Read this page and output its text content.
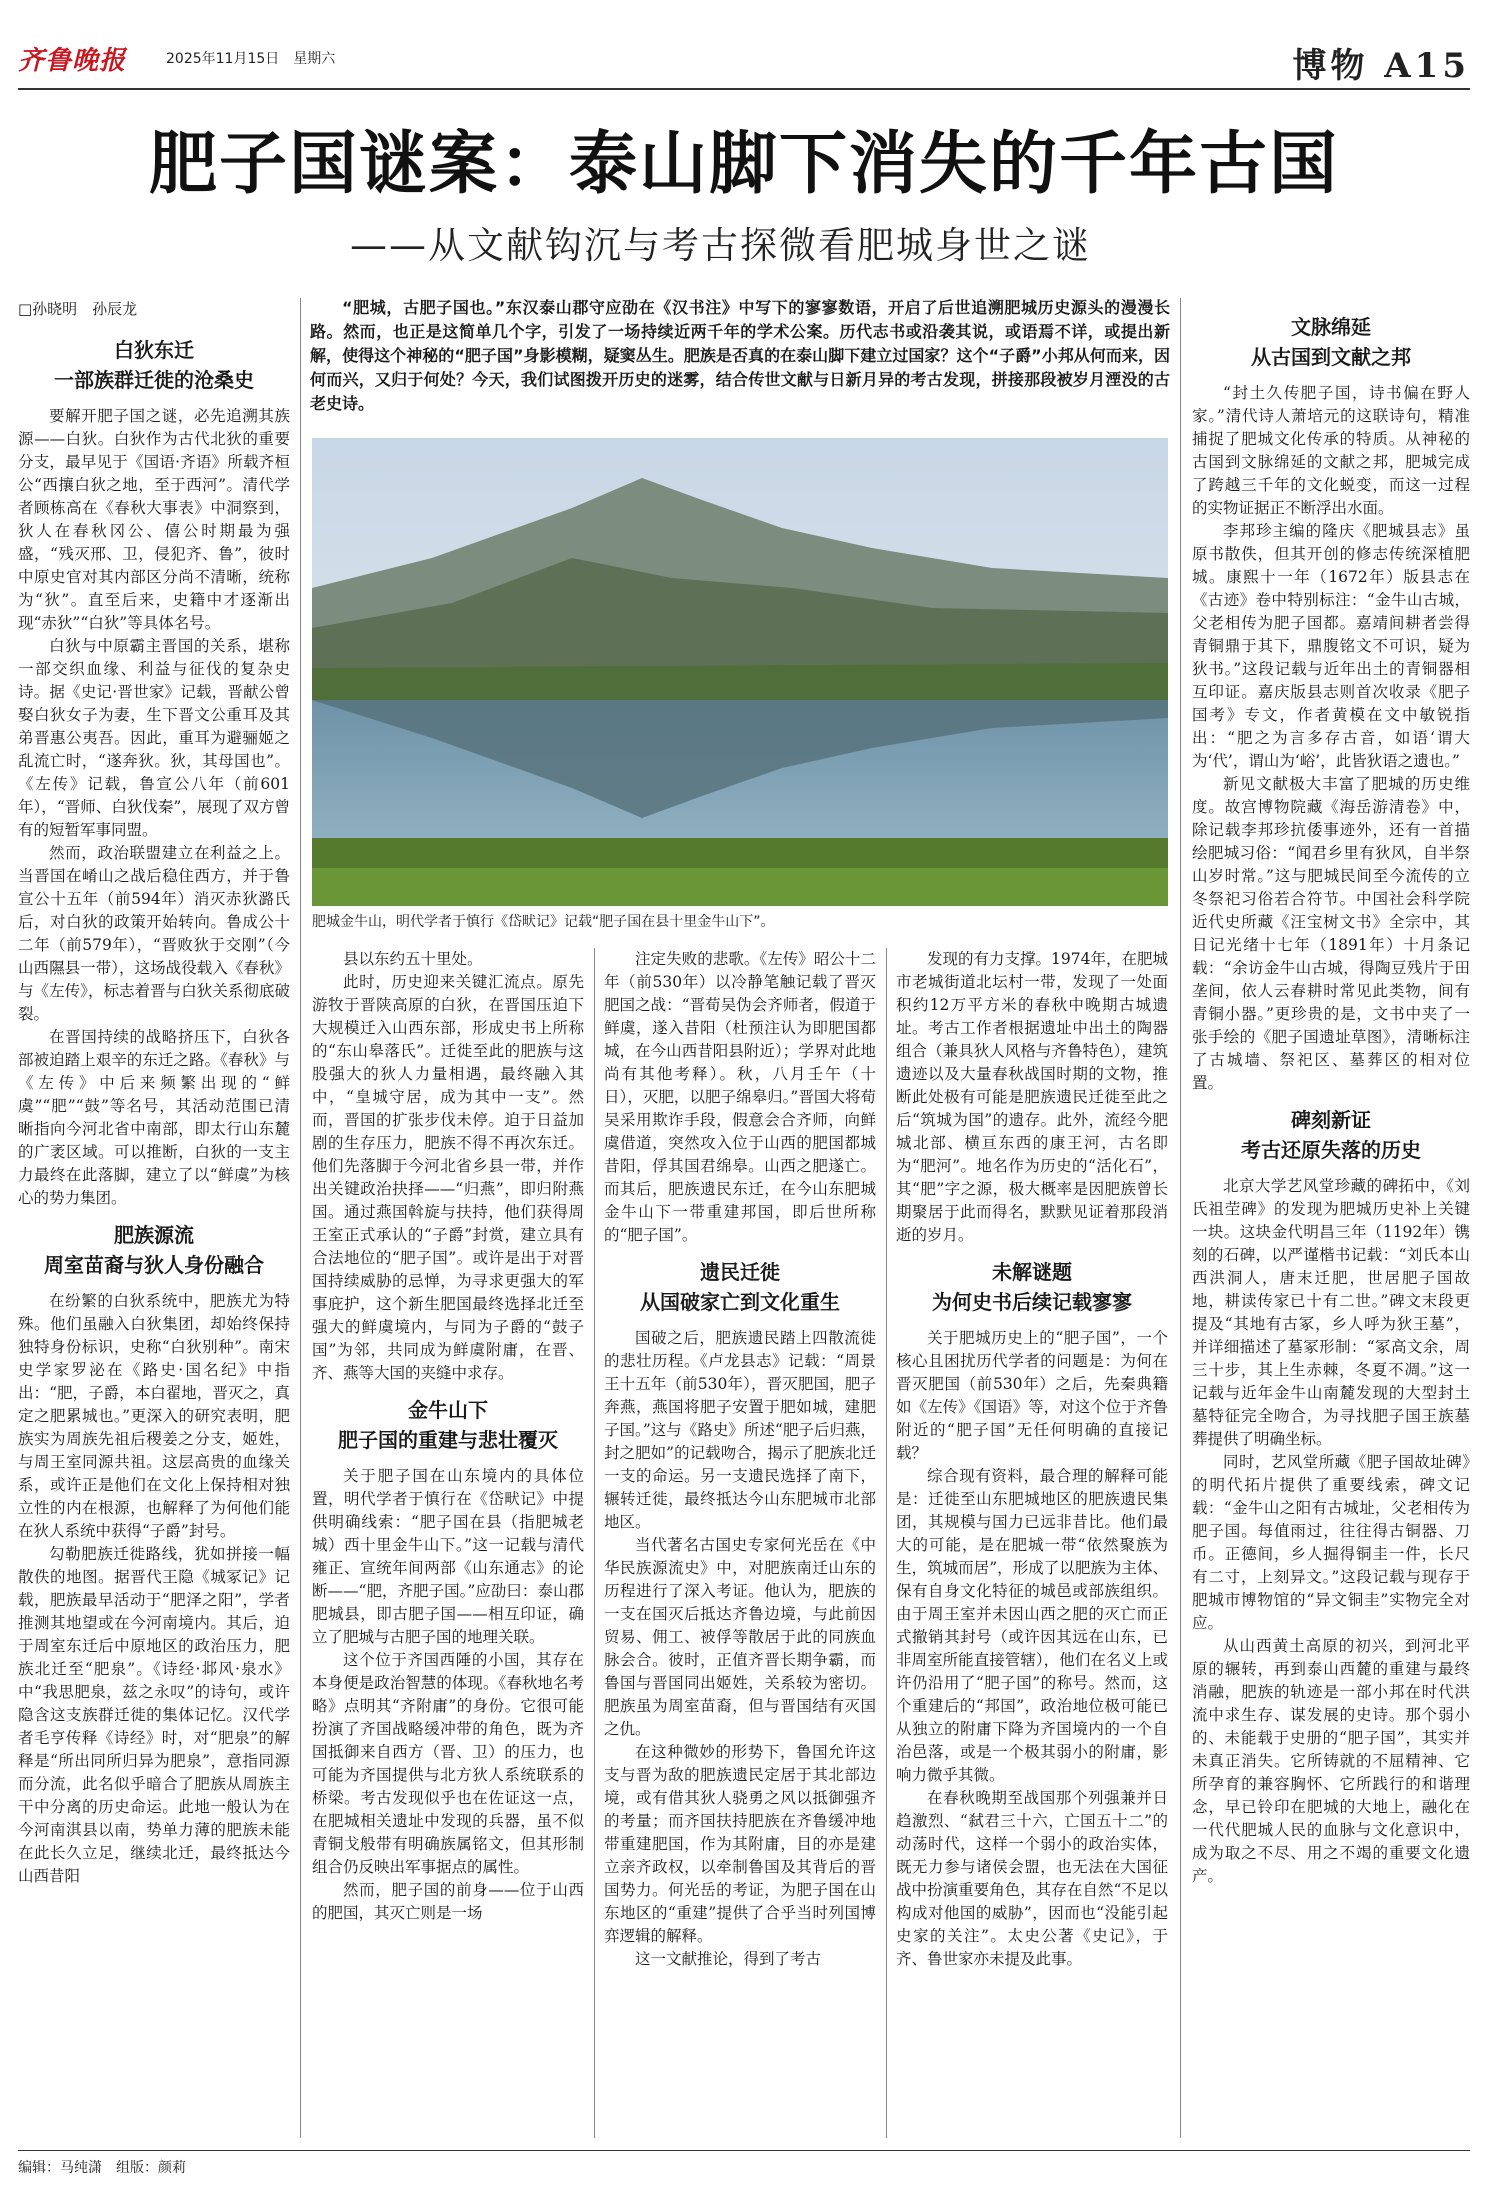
齐鲁晚报	2025年11月15日　 星期六	博物 A15
肥子国谜案：泰山脚下消失的千年古国
——从文献钩沉与考古探微看肥城身世之谜
□孙晓明　孙辰龙
白狄东迁
一部族群迁徙的沧桑史

要解开肥子国之谜，必先追溯其族源——白狄。白狄作为古代北狄的重要分支，最早见于《国语·齐语》所载齐桓公“西攘白狄之地，至于西河”。清代学者顾栋高在《春秋大事表》中洞察到，狄人在春秋冈公、僖公时期最为强盛，“残灭邢、卫，侵犯齐、鲁”，彼时中原史官对其内部区分尚不清晰，统称为“狄”。直至后来，史籍中才逐渐出现“赤狄”“白狄”等具体名号。

白狄与中原霸主晋国的关系，堪称一部交织血缘、利益与征伐的复杂史诗。据《史记·晋世家》记载，晋献公曾娶白狄女子为妻，生下晋文公重耳及其弟晋惠公夷吾。因此，重耳为避骊姬之乱流亡时，“遂奔狄。狄，其母国也”。《左传》记载，鲁宣公八年（前601年），“晋师、白狄伐秦”，展现了双方曾有的短暂军事同盟。

然而，政治联盟建立在利益之上。当晋国在崤山之战后稳住西方，并于鲁宣公十五年（前594年）消灭赤狄潞氏后，对白狄的政策开始转向。鲁成公十二年（前579年），“晋败狄于交刚”（今山西隰县一带），这场战役载入《春秋》与《左传》，标志着晋与白狄关系彻底破裂。

在晋国持续的战略挤压下，白狄各部被迫踏上艰辛的东迁之路。《春秋》与《左传》中后来频繁出现的“鲜虞”“肥”“鼓”等名号，其活动范围已清晰指向今河北省中南部，即太行山东麓的广袤区域。可以推断，白狄的一支主力最终在此落脚，建立了以“鲜虞”为核心的势力集团。

肥族源流
周室苗裔与狄人身份融合

在纷繁的白狄系统中，肥族尤为特殊。他们虽融入白狄集团，却始终保持独特身份标识，史称“白狄别种”。南宋史学家罗泌在《路史·国名纪》中指出：“肥，子爵，本白翟地，晋灭之，真定之肥累城也。”更深入的研究表明，肥族实为周族先祖后稷姜之分支，姬姓，与周王室同源共祖。这层高贵的血缘关系，或许正是他们在文化上保持相对独立性的内在根源，也解释了为何他们能在狄人系统中获得“子爵”封号。

勾勒肥族迁徙路线，犹如拼接一幅散佚的地图。据晋代王隐《城冢记》记载，肥族最早活动于“肥泽之阳”，学者推测其地望或在今河南境内。其后，迫于周室东迁后中原地区的政治压力，肥族北迁至“肥泉”。《诗经·邶风·泉水》中“我思肥泉，兹之永叹”的诗句，或许隐含这支族群迁徙的集体记忆。汉代学者毛亨传释《诗经》时，对“肥泉”的解释是“所出同所归异为肥泉”，意指同源而分流，此名似乎暗合了肥族从周族主干中分离的历史命运。此地一般认为在今河南淇县以南，势单力薄的肥族未能在此长久立足，继续北迁，最终抵达今山西昔阳

“肥城，古肥子国也。”东汉泰山郡守应劭在《汉书注》中写下的寥寥数语，开启了后世追溯肥城历史源头的漫漫长路。然而，也正是这简单几个字，引发了一场持续近两千年的学术公案。历代志书或沿袭其说，或语焉不详，或提出新解，使得这个神秘的“肥子国”身影模糊，疑窦丛生。肥族是否真的在泰山脚下建立过国家？这个“子爵”小邦从何而来，因何而兴，又归于何处？今天，我们试图拨开历史的迷雾，结合传世文献与日新月异的考古发现，拼接那段被岁月湮没的古老史诗。

肥城金牛山，明代学者于慎行《岱畎记》记载“肥子国在县十里金牛山下”。

县以东约五十里处。

此时，历史迎来关键汇流点。原先游牧于晋陕高原的白狄，在晋国压迫下大规模迁入山西东部，形成史书上所称的“东山皋落氏”。迁徙至此的肥族与这股强大的狄人力量相遇，最终融入其中，“皇城守居，成为其中一支”。然而，晋国的扩张步伐未停。迫于日益加剧的生存压力，肥族不得不再次东迁。他们先落脚于今河北省乡县一带，并作出关键政治抉择——“归燕”，即归附燕国。通过燕国斡旋与扶持，他们获得周王室正式承认的“子爵”封赏，建立具有合法地位的“肥子国”。或许是出于对晋国持续威胁的忌惮，为寻求更强大的军事庇护，这个新生肥国最终选择北迁至强大的鲜虞境内，与同为子爵的“鼓子国”为邻，共同成为鲜虞附庸，在晋、齐、燕等大国的夹缝中求存。

金牛山下
肥子国的重建与悲壮覆灭

关于肥子国在山东境内的具体位置，明代学者于慎行在《岱畎记》中提供明确线索：“肥子国在县（指肥城老城）西十里金牛山下。”这一记载与清代雍正、宣统年间两部《山东通志》的论断——“肥，齐肥子国。”应劭曰：泰山郡肥城县，即古肥子国——相互印证，确立了肥城与古肥子国的地理关联。

这个位于齐国西陲的小国，其存在本身便是政治智慧的体现。《春秋地名考略》点明其“齐附庸”的身份。它很可能扮演了齐国战略缓冲带的角色，既为齐国抵御来自西方（晋、卫）的压力，也可能为齐国提供与北方狄人系统联系的桥梁。考古发现似乎也在佐证这一点，在肥城相关遗址中发现的兵器，虽不似青铜戈般带有明确族属铭文，但其形制组合仍反映出军事据点的属性。

然而，肥子国的前身——位于山西的肥国，其灭亡则是一场

注定失败的悲歌。《左传》昭公十二年（前530年）以冷静笔触记载了晋灭肥国之战：“晋荀吴伪会齐师者，假道于鲜虞，遂入昔阳（杜预注认为即肥国都城，在今山西昔阳县附近）；学界对此地尚有其他考释）。秋，八月壬午（十日），灭肥，以肥子绵皋归。”晋国大将荀吴采用欺诈手段，假意会合齐师，向鲜虞借道，突然攻入位于山西的肥国都城昔阳，俘其国君绵皋。山西之肥遂亡。而其后，肥族遗民东迁，在今山东肥城金牛山下一带重建邦国，即后世所称的“肥子国”。

遗民迁徙
从国破家亡到文化重生

国破之后，肥族遗民踏上四散流徙的悲壮历程。《卢龙县志》记载：“周景王十五年（前530年），晋灭肥国，肥子奔燕，燕国将肥子安置于肥如城，建肥子国。”这与《路史》所述“肥子后归燕，封之肥如”的记载吻合，揭示了肥族北迁一支的命运。另一支遗民选择了南下，辗转迁徙，最终抵达今山东肥城市北部地区。

当代著名古国史专家何光岳在《中华民族源流史》中，对肥族南迁山东的历程进行了深入考证。他认为，肥族的一支在国灭后抵达齐鲁边境，与此前因贸易、佣工、被俘等散居于此的同族血脉会合。彼时，正值齐晋长期争霸，而鲁国与晋国同出姬姓，关系较为密切。肥族虽为周室苗裔，但与晋国结有灭国之仇。

在这种微妙的形势下，鲁国允许这支与晋为敌的肥族遗民定居于其北部边境，或有借其狄人骁勇之风以抵御强齐的考量；而齐国扶持肥族在齐鲁缓冲地带重建肥国，作为其附庸，目的亦是建立亲齐政权，以牵制鲁国及其背后的晋国势力。何光岳的考证，为肥子国在山东地区的“重建”提供了合乎当时列国博弈逻辑的解释。

这一文献推论，得到了考古

发现的有力支撑。1974年，在肥城市老城街道北坛村一带，发现了一处面积约12万平方米的春秋中晚期古城遗址。考古工作者根据遗址中出土的陶器组合（兼具狄人风格与齐鲁特色），建筑遗迹以及大量春秋战国时期的文物，推断此处极有可能是肥族遗民迁徙至此之后“筑城为国”的遗存。此外，流经今肥城北部、横亘东西的康王河，古名即为“肥河”。地名作为历史的“活化石”，其“肥”字之源，极大概率是因肥族曾长期聚居于此而得名，默默见证着那段消逝的岁月。

未解谜题
为何史书后续记载寥寥

关于肥城历史上的“肥子国”，一个核心且困扰历代学者的问题是：为何在晋灭肥国（前530年）之后，先秦典籍如《左传》《国语》等，对这个位于齐鲁附近的“肥子国”无任何明确的直接记载？

综合现有资料，最合理的解释可能是：迁徙至山东肥城地区的肥族遗民集团，其规模与国力已远非昔比。他们最大的可能，是在肥城一带“依然聚族为生，筑城而居”，形成了以肥族为主体、保有自身文化特征的城邑或部族组织。由于周王室并未因山西之肥的灭亡而正式撤销其封号（或许因其远在山东，已非周室所能直接管辖），他们在名义上或许仍沿用了“肥子国”的称号。然而，这个重建后的“邦国”，政治地位极可能已从独立的附庸下降为齐国境内的一个自治邑落，或是一个极其弱小的附庸，影响力微乎其微。

在春秋晚期至战国那个列强兼并日趋激烈、“弑君三十六，亡国五十二”的动荡时代，这样一个弱小的政治实体，既无力参与诸侯会盟，也无法在大国征战中扮演重要角色，其存在自然“不足以构成对他国的威胁”，因而也“没能引起史家的关注”。太史公著《史记》，于齐、鲁世家亦未提及此事。

文脉绵延
从古国到文献之邦

“封土久传肥子国，诗书偏在野人家。”清代诗人萧培元的这联诗句，精准捕捉了肥城文化传承的特质。从神秘的古国到文脉绵延的文献之邦，肥城完成了跨越三千年的文化蜕变，而这一过程的实物证据正不断浮出水面。

李邦珍主编的隆庆《肥城县志》虽原书散佚，但其开创的修志传统深植肥城。康熙十一年（1672年）版县志在《古迹》卷中特别标注：“金牛山古城，父老相传为肥子国都。嘉靖间耕者尝得青铜鼎于其下，鼎腹铭文不可识，疑为狄书。”这段记载与近年出土的青铜器相互印证。嘉庆版县志则首次收录《肥子国考》专文，作者黄模在文中敏锐指出：“肥之为言多存古音，如语‘谓大为‘代’，谓山为‘峪’，此皆狄语之遗也。”

新见文献极大丰富了肥城的历史维度。故宫博物院藏《海岳游清卷》中，除记载李邦珍抗倭事迹外，还有一首描绘肥城习俗：“闻君乡里有狄风，自半祭山岁时常。”这与肥城民间至今流传的立冬祭祀习俗若合符节。中国社会科学院近代史所藏《汪宝树文书》全宗中，其日记光绪十七年（1891年）十月条记载：“余访金牛山古城，得陶豆残片于田垄间，依人云春耕时常见此类物，间有青铜小器。”更珍贵的是，文书中夹了一张手绘的《肥子国遗址草图》，清晰标注了古城墙、祭祀区、墓葬区的相对位置。

碑刻新证
考古还原失落的历史

北京大学艺风堂珍藏的碑拓中，《刘氏祖茔碑》的发现为肥城历史补上关键一块。这块金代明昌三年（1192年）镌刻的石碑，以严谨楷书记载：“刘氏本山西洪洞人，唐末迁肥，世居肥子国故地，耕读传家已十有二世。”碑文末段更提及“其地有古冢，乡人呼为狄王墓”，并详细描述了墓冢形制：“冢高文余，周三十步，其上生赤棘，冬夏不凋。”这一记载与近年金牛山南麓发现的大型封土墓特征完全吻合，为寻找肥子国王族墓葬提供了明确坐标。

同时，艺风堂所藏《肥子国故址碑》的明代拓片提供了重要线索，碑文记载：“金牛山之阳有古城址，父老相传为肥子国。每值雨过，往往得古铜器、刀币。正德间，乡人掘得铜圭一件，长尺有二寸，上刻异文。”这段记载与现存于肥城市博物馆的“异文铜圭”实物完全对应。

从山西黄土高原的初兴，到河北平原的辗转，再到泰山西麓的重建与最终消融，肥族的轨迹是一部小邦在时代洪流中求生存、谋发展的史诗。那个弱小的、未能载于史册的“肥子国”，其实并未真正消失。它所铸就的不屈精神、它所孕育的兼容胸怀、它所践行的和谐理念，早已铃印在肥城的大地上，融化在一代代肥城人民的血脉与文化意识中，成为取之不尽、用之不竭的重要文化遗产。

编辑：马纯潇　组版：颜莉
